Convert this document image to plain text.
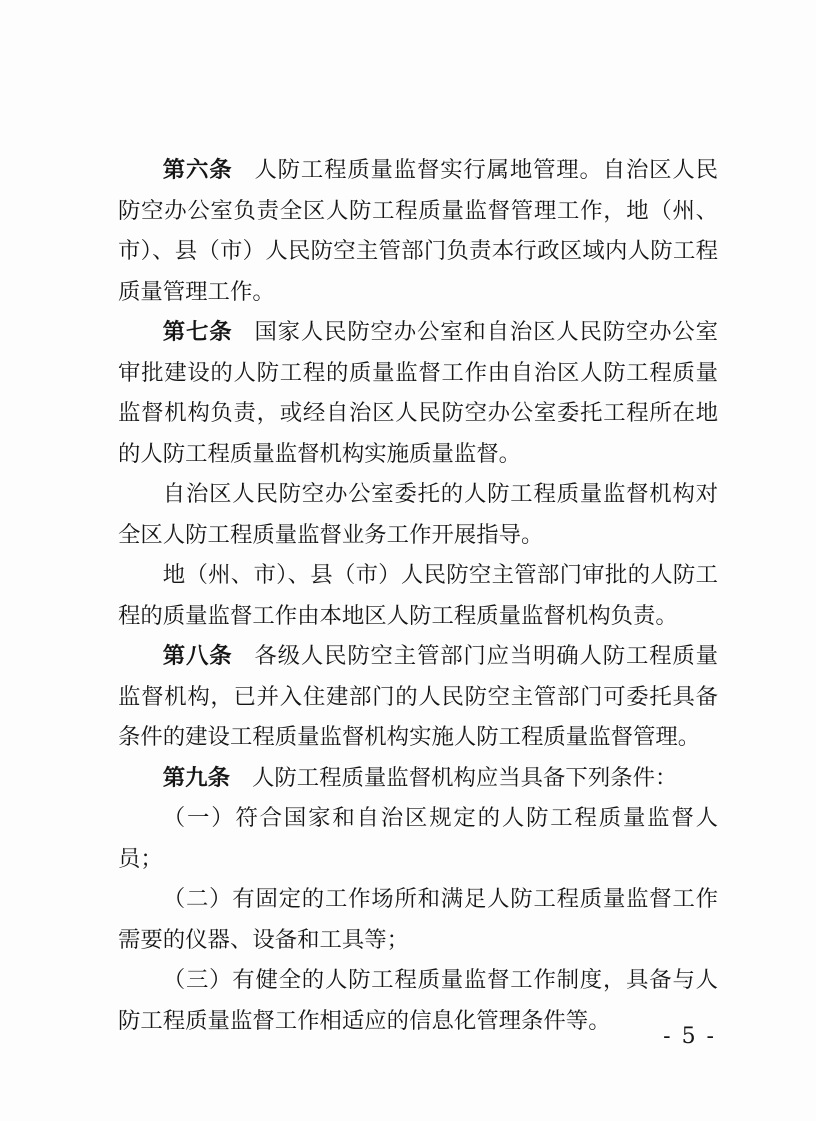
第六条 人防工程质量监督实行属地管理。自治区人民防空办公室负责全区人防工程质量监督管理工作，地（州、市）、县（市）人民防空主管部门负责本行政区域内人防工程质量管理工作。

第七条 国家人民防空办公室和自治区人民防空办公室审批建设的人防工程的质量监督工作由自治区人防工程质量监督机构负责，或经自治区人民防空办公室委托工程所在地的人防工程质量监督机构实施质量监督。

自治区人民防空办公室委托的人防工程质量监督机构对全区人防工程质量监督业务工作开展指导。

地（州、市）、县（市）人民防空主管部门审批的人防工程的质量监督工作由本地区人防工程质量监督机构负责。

第八条 各级人民防空主管部门应当明确人防工程质量监督机构，已并入住建部门的人民防空主管部门可委托具备条件的建设工程质量监督机构实施人防工程质量监督管理。

第九条 人防工程质量监督机构应当具备下列条件：

（一）符合国家和自治区规定的人防工程质量监督人员；

（二）有固定的工作场所和满足人防工程质量监督工作需要的仪器、设备和工具等；

（三）有健全的人防工程质量监督工作制度，具备与人防工程质量监督工作相适应的信息化管理条件等。

- 5 -
